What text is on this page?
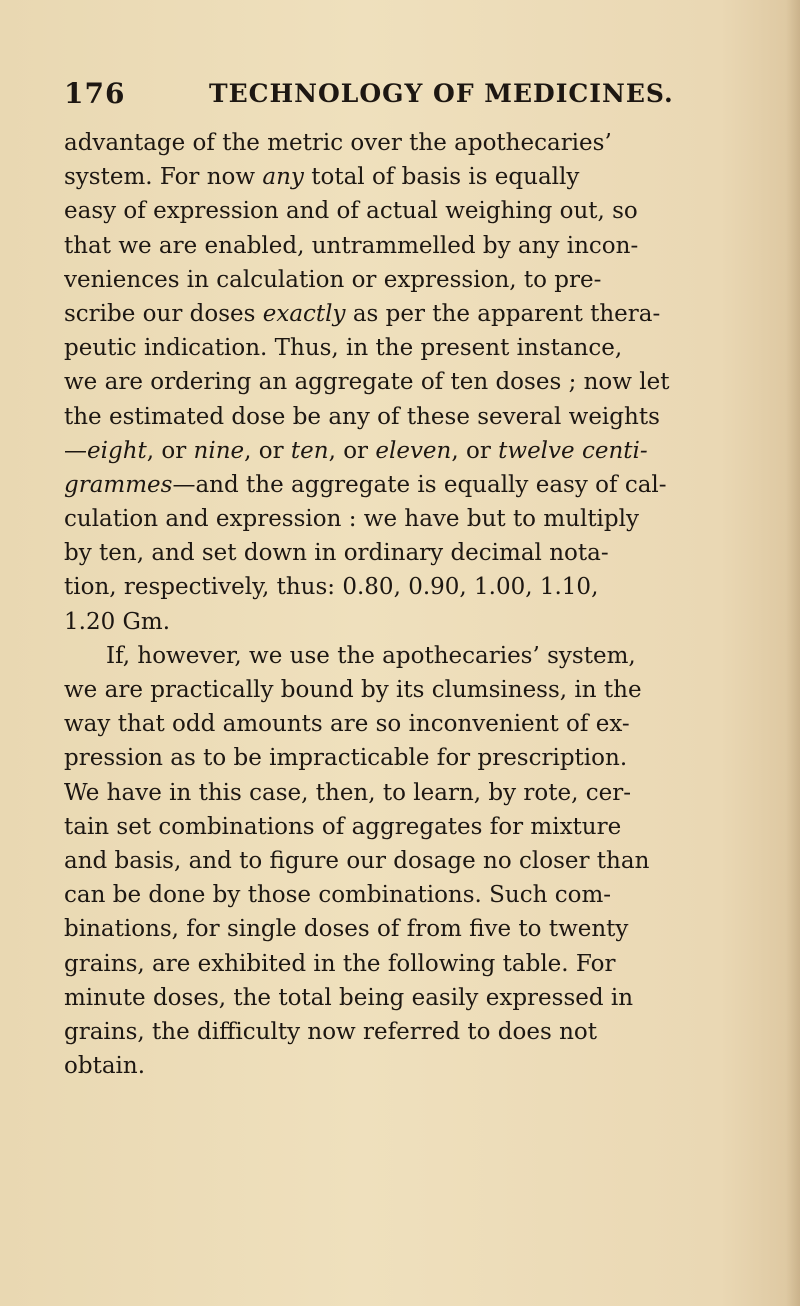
176	TECHNOLOGY OF MEDICINES.
advantage of the metric over the apothecaries’
system. For now any total of basis is equally
easy of expression and of actual weighing out, so
that we are enabled, untrammelled by any incon-
veniences in calculation or expression, to pre-
scribe our doses exactly as per the apparent thera-
peutic indication. Thus, in the present instance,
we are ordering an aggregate of ten doses ; now let
the estimated dose be any of these several weights
—eight, or nine, or ten, or eleven, or twelve centi-
grammes—and the aggregate is equally easy of cal-
culation and expression : we have but to multiply
by ten, and set down in ordinary decimal nota-
tion, respectively, thus: 0.80, 0.90, 1.00, 1.10,
1.20 Gm.
If, however, we use the apothecaries’ system,
we are practically bound by its clumsiness, in the
way that odd amounts are so inconvenient of ex-
pression as to be impracticable for prescription.
We have in this case, then, to learn, by rote, cer-
tain set combinations of aggregates for mixture
and basis, and to figure our dosage no closer than
can be done by those combinations. Such com-
binations, for single doses of from five to twenty
grains, are exhibited in the following table. For
minute doses, the total being easily expressed in
grains, the difficulty now referred to does not
obtain.
